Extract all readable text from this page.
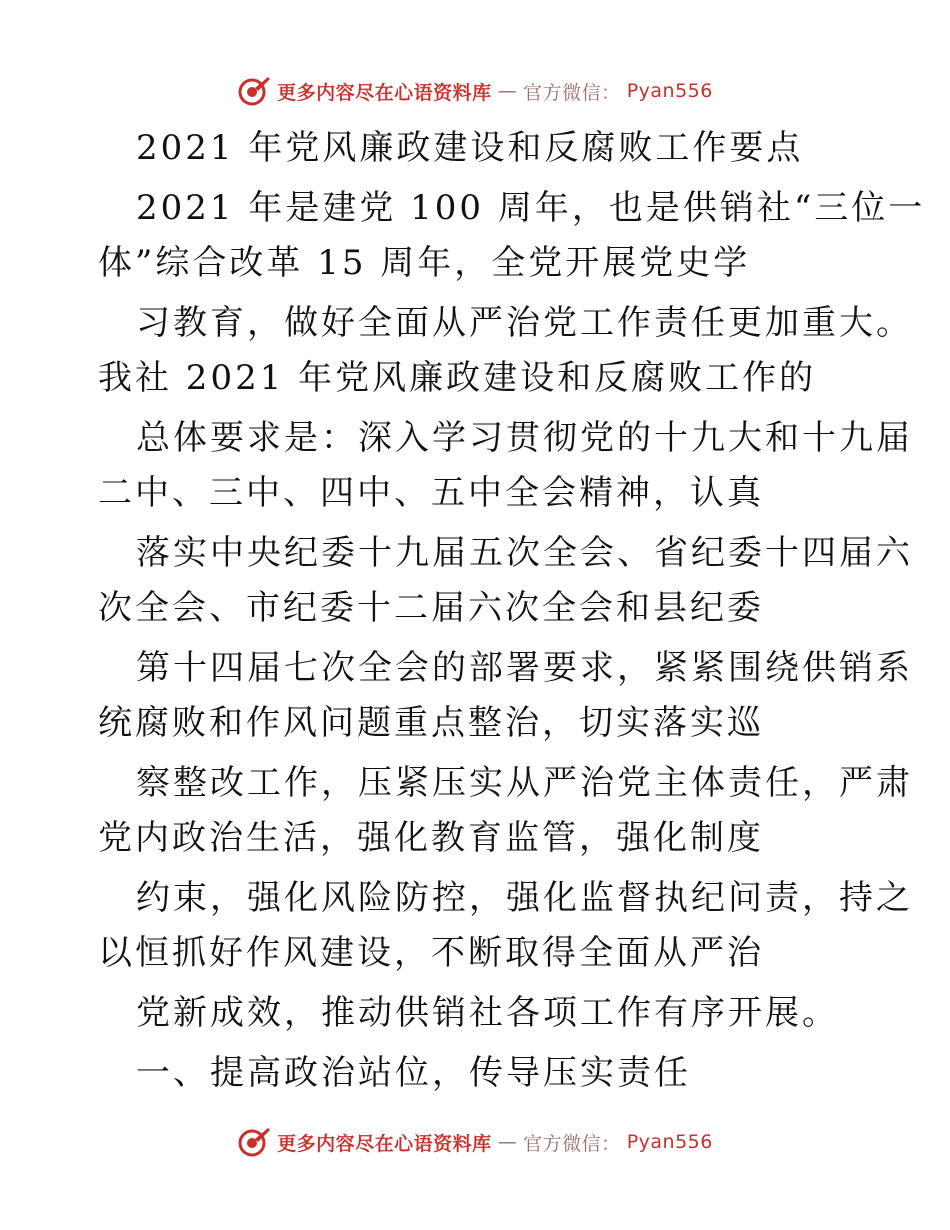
更多内容尽在心语资料库 — 官方微信： Pyan556
2021 年党风廉政建设和反腐败工作要点
2021 年是建党 100 周年，也是供销社“三位一
体”综合改革 15 周年，全党开展党史学
习教育，做好全面从严治党工作责任更加重大。
我社 2021 年党风廉政建设和反腐败工作的
总体要求是：深入学习贯彻党的十九大和十九届
二中、三中、四中、五中全会精神，认真
落实中央纪委十九届五次全会、省纪委十四届六
次全会、市纪委十二届六次全会和县纪委
第十四届七次全会的部署要求，紧紧围绕供销系
统腐败和作风问题重点整治，切实落实巡
察整改工作，压紧压实从严治党主体责任，严肃
党内政治生活，强化教育监管，强化制度
约束，强化风险防控，强化监督执纪问责，持之
以恒抓好作风建设，不断取得全面从严治
党新成效，推动供销社各项工作有序开展。
一、提高政治站位，传导压实责任
更多内容尽在心语资料库 — 官方微信： Pyan556
